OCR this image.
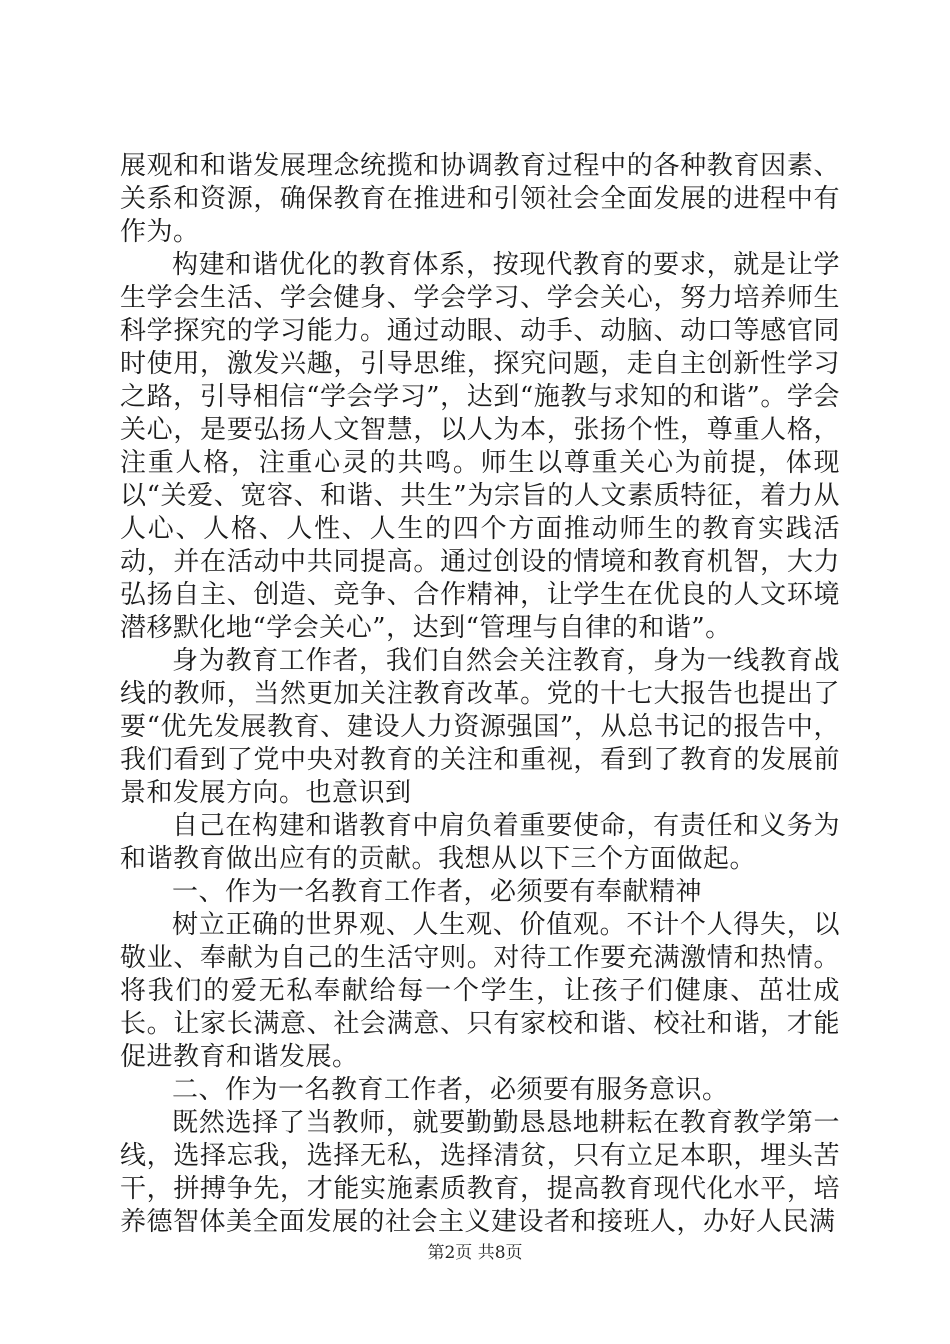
展观和和谐发展理念统揽和协调教育过程中的各种教育因素、关系和资源，确保教育在推进和引领社会全面发展的进程中有作为。

构建和谐优化的教育体系，按现代教育的要求，就是让学生学会生活、学会健身、学会学习、学会关心，努力培养师生科学探究的学习能力。通过动眼、动手、动脑、动口等感官同时使用，激发兴趣，引导思维，探究问题，走自主创新性学习之路，引导相信“学会学习”，达到“施教与求知的和谐”。学会关心，是要弘扬人文智慧，以人为本，张扬个性，尊重人格，注重人格，注重心灵的共鸣。师生以尊重关心为前提，体现以“关爱、宽容、和谐、共生”为宗旨的人文素质特征，着力从人心、人格、人性、人生的四个方面推动师生的教育实践活动，并在活动中共同提高。通过创设的情境和教育机智，大力弘扬自主、创造、竞争、合作精神，让学生在优良的人文环境潜移默化地“学会关心”，达到“管理与自律的和谐”。

身为教育工作者，我们自然会关注教育，身为一线教育战线的教师，当然更加关注教育改革。党的十七大报告也提出了要“优先发展教育、建设人力资源强国”，从总书记的报告中，我们看到了党中央对教育的关注和重视，看到了教育的发展前景和发展方向。也意识到

自己在构建和谐教育中肩负着重要使命，有责任和义务为和谐教育做出应有的贡献。我想从以下三个方面做起。

一、作为一名教育工作者，必须要有奉献精神

树立正确的世界观、人生观、价值观。不计个人得失，以敬业、奉献为自己的生活守则。对待工作要充满激情和热情。将我们的爱无私奉献给每一个学生，让孩子们健康、茁壮成长。让家长满意、社会满意、只有家校和谐、校社和谐，才能促进教育和谐发展。

二、作为一名教育工作者，必须要有服务意识。

既然选择了当教师，就要勤勤恳恳地耕耘在教育教学第一线，选择忘我，选择无私，选择清贫，只有立足本职，埋头苦干，拼搏争先，才能实施素质教育，提高教育现代化水平，培养德智体美全面发展的社会主义建设者和接班人，办好人民满

第2页 共8页
